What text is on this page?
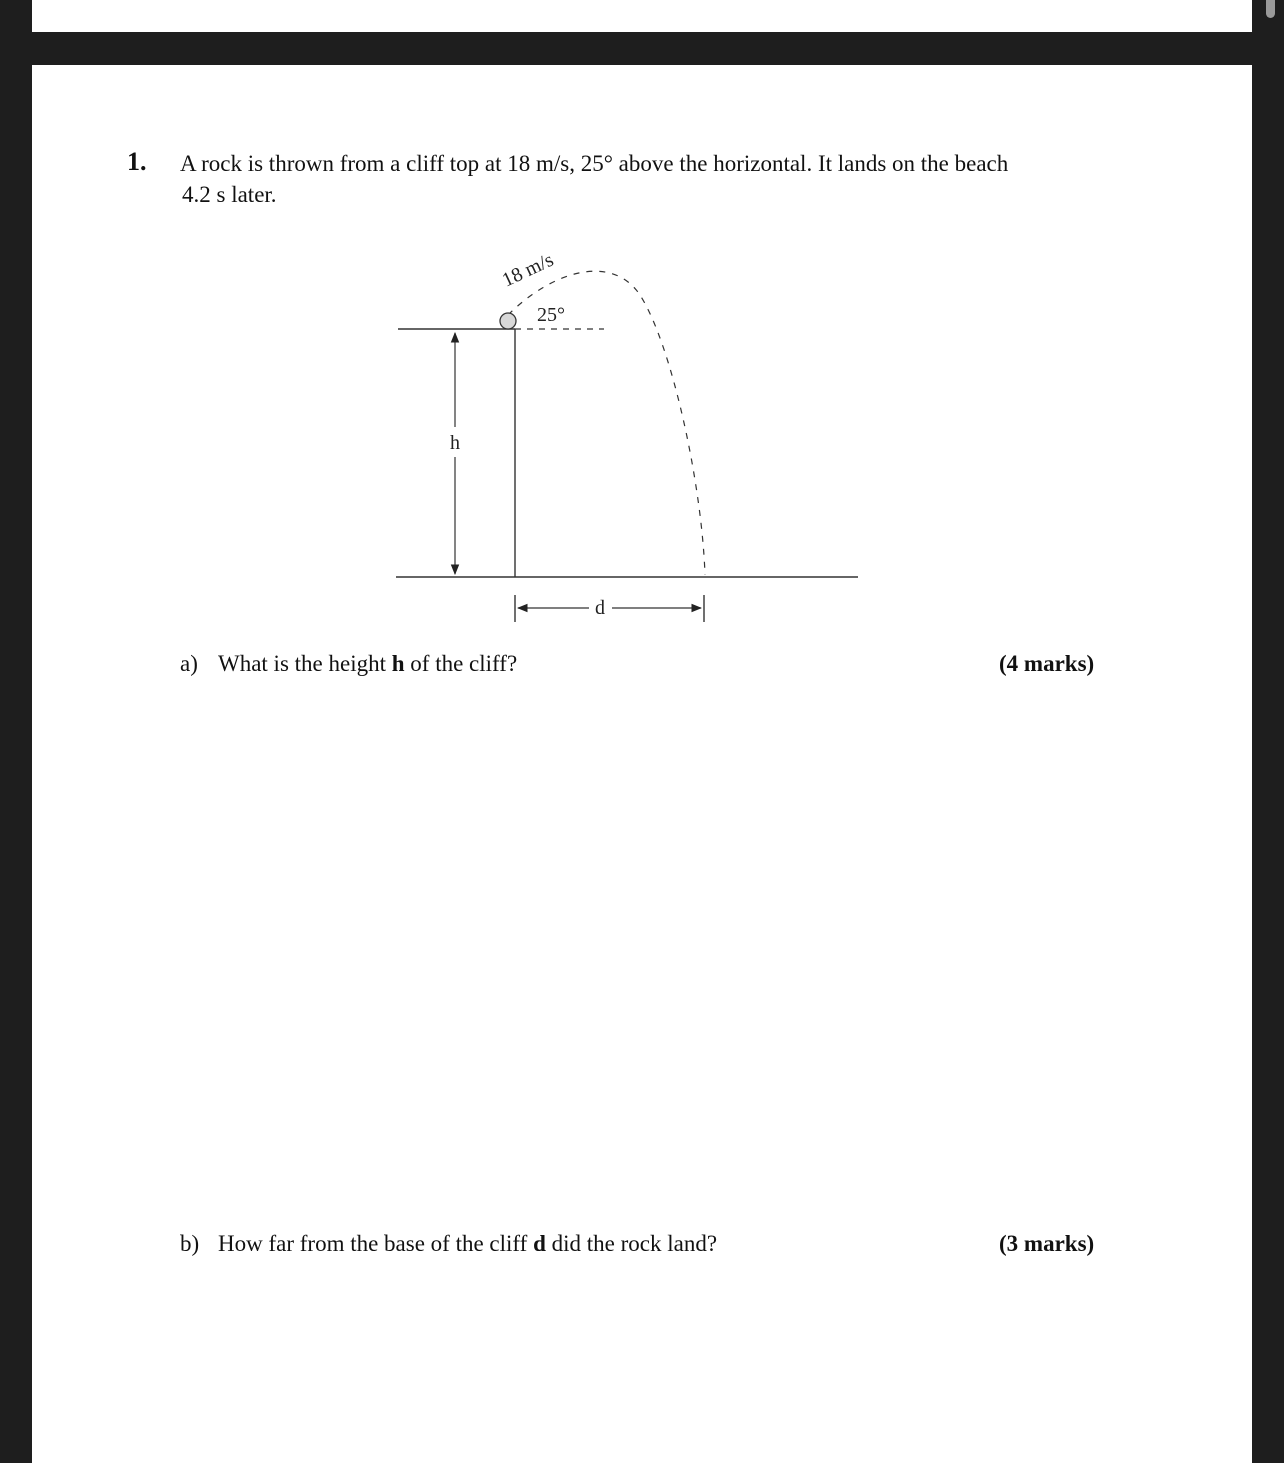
1. A rock is thrown from a cliff top at 18 m/s, 25° above the horizontal. It lands on the beach
4.2 s later.
h
d
18 m/s
25°
a) What is the height h of the cliff?	(4 marks)
b) How far from the base of the cliff d did the rock land?	(3 marks)
